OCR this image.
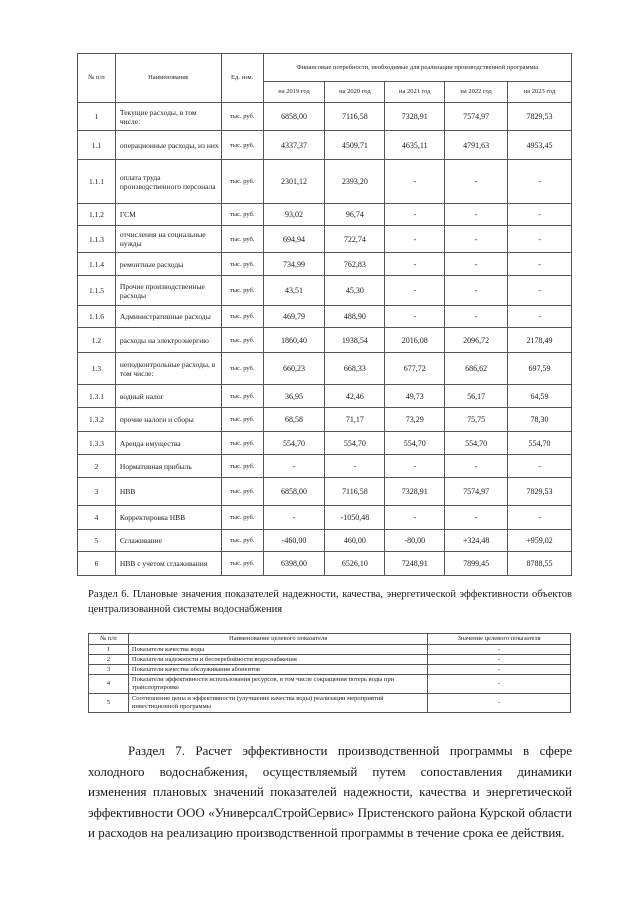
№ п/п	Наименование	Ед. изм.	Финансовые потребности, необходимые для реализации производственной программы				
			на 2019 год	на 2020 год	на 2021 год	на 2022 год	на 2023 год
1	Текущие расходы, в том числе:	тыс. руб.	6858,00	7116,58	7328,91	7574,97	7829,53
1.1	операционные расходы, из них	тыс. руб.	4337,37	4509,71	4635,11	4791,63	4953,45
1.1.1	оплата труда производственного персонала	тыс. руб.	2301,12	2393,20	-	-	-
1.1.2	ГСМ	тыс. руб.	93,02	96,74	-	-	-
1.1.3	отчисления на социальные нужды	тыс. руб.	694,94	722,74	-	-	-
1.1.4	ремонтные расходы	тыс. руб.	734,99	762,83	-	-	-
1.1.5	Прочие производственные расходы	тыс. руб.	43,51	45,30	-	-	-
1.1.6	Административные расходы	тыс. руб.	469,79	488,90	-	-	-
1.2	расходы на электроэнергию	тыс. руб.	1860,40	1938,54	2016,08	2096,72	2178,49
1.3	неподконтрольные расходы, в том числе:	тыс. руб.	660,23	668,33	677,72	686,62	697,59
1.3.1	водный налог	тыс. руб.	36,95	42,46	49,73	56,17	64,59
1.3.2	прочие налоги и сборы	тыс. руб.	68,58	71,17	73,29	75,75	78,30
1.3.3	Аренда имущества	тыс. руб.	554,70	554,70	554,70	554,70	554,70
2	Нормативная прибыль	тыс. руб.	-	-	-	-	-
3	НВВ	тыс. руб.	6858,00	7116,58	7328,91	7574,97	7829,53
4	Корректировка НВВ	тыс. руб.	-	-1050,48	-	-	-
5	Сглаживание	тыс. руб.	-460,00	460,00	-80,00	+324,48	+959,02
6	НВВ с учетом сглаживания	тыс. руб.	6398,00	6526,10	7248,91	7899,45	8788,55

Раздел 6. Плановые значения показателей надежности, качества, энергетической эффективности объектов централизованной системы водоснабжения

№ п/п	Наименование целевого показателя	Значение целевого показателя
1	Показатели качества воды	-
2	Показатели надежности и бесперебойности водоснабжения	-
3	Показатели качества обслуживания абонентов	-
4	Показатели эффективности использования ресурсов, в том числе сокращения потерь воды при транспортировке	-
5	Соотношение цены и эффективности (улучшение качества воды) реализации мероприятий инвестиционной программы	-

Раздел 7. Расчет эффективности производственной программы в сфере холодного водоснабжения, осуществляемый путем сопоставления динамики изменения плановых значений показателей надежности, качества и энергетической эффективности ООО «УниверсалСтройСервис» Пристенского района Курской области и расходов на реализацию производственной программы в течение срока ее действия.
